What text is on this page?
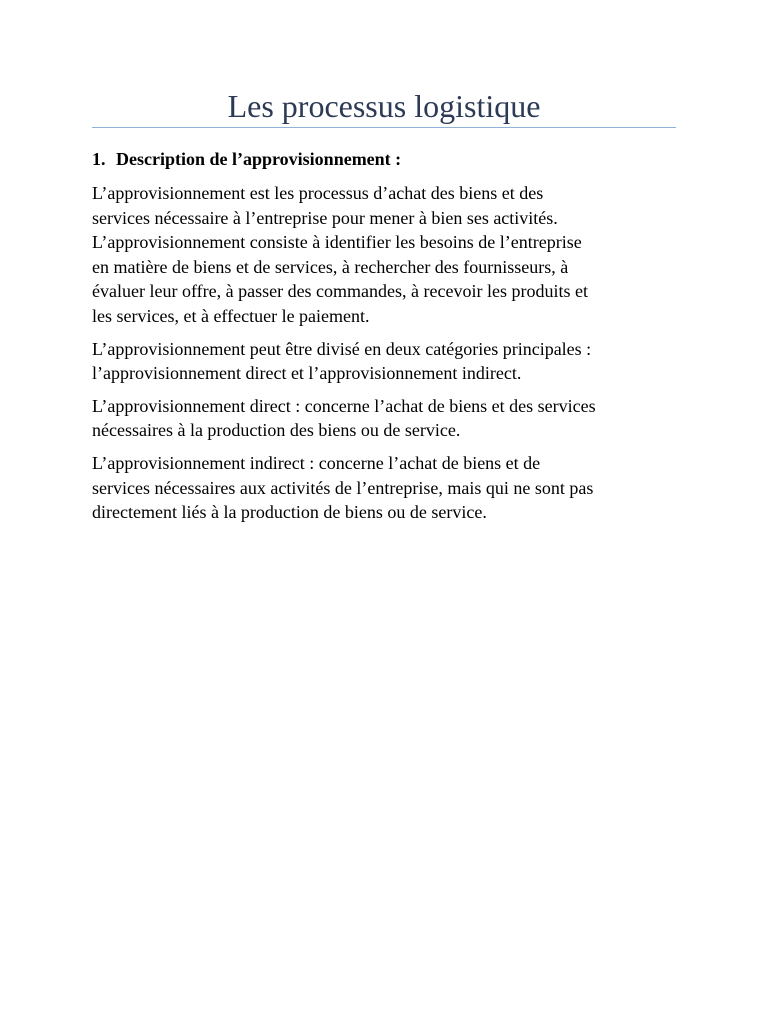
Les processus logistique

1. Description de l’approvisionnement :

L’approvisionnement est les processus d’achat des biens et des
services nécessaire à l’entreprise pour mener à bien ses activités.
L’approvisionnement consiste à identifier les besoins de l’entreprise
en matière de biens et de services, à rechercher des fournisseurs, à
évaluer leur offre, à passer des commandes, à recevoir les produits et
les services, et à effectuer le paiement.

L’approvisionnement peut être divisé en deux catégories principales :
l’approvisionnement direct et l’approvisionnement indirect.

L’approvisionnement direct : concerne l’achat de biens et des services
nécessaires à la production des biens ou de service.

L’approvisionnement indirect : concerne l’achat de biens et de
services nécessaires aux activités de l’entreprise, mais qui ne sont pas
directement liés à la production de biens ou de service.
